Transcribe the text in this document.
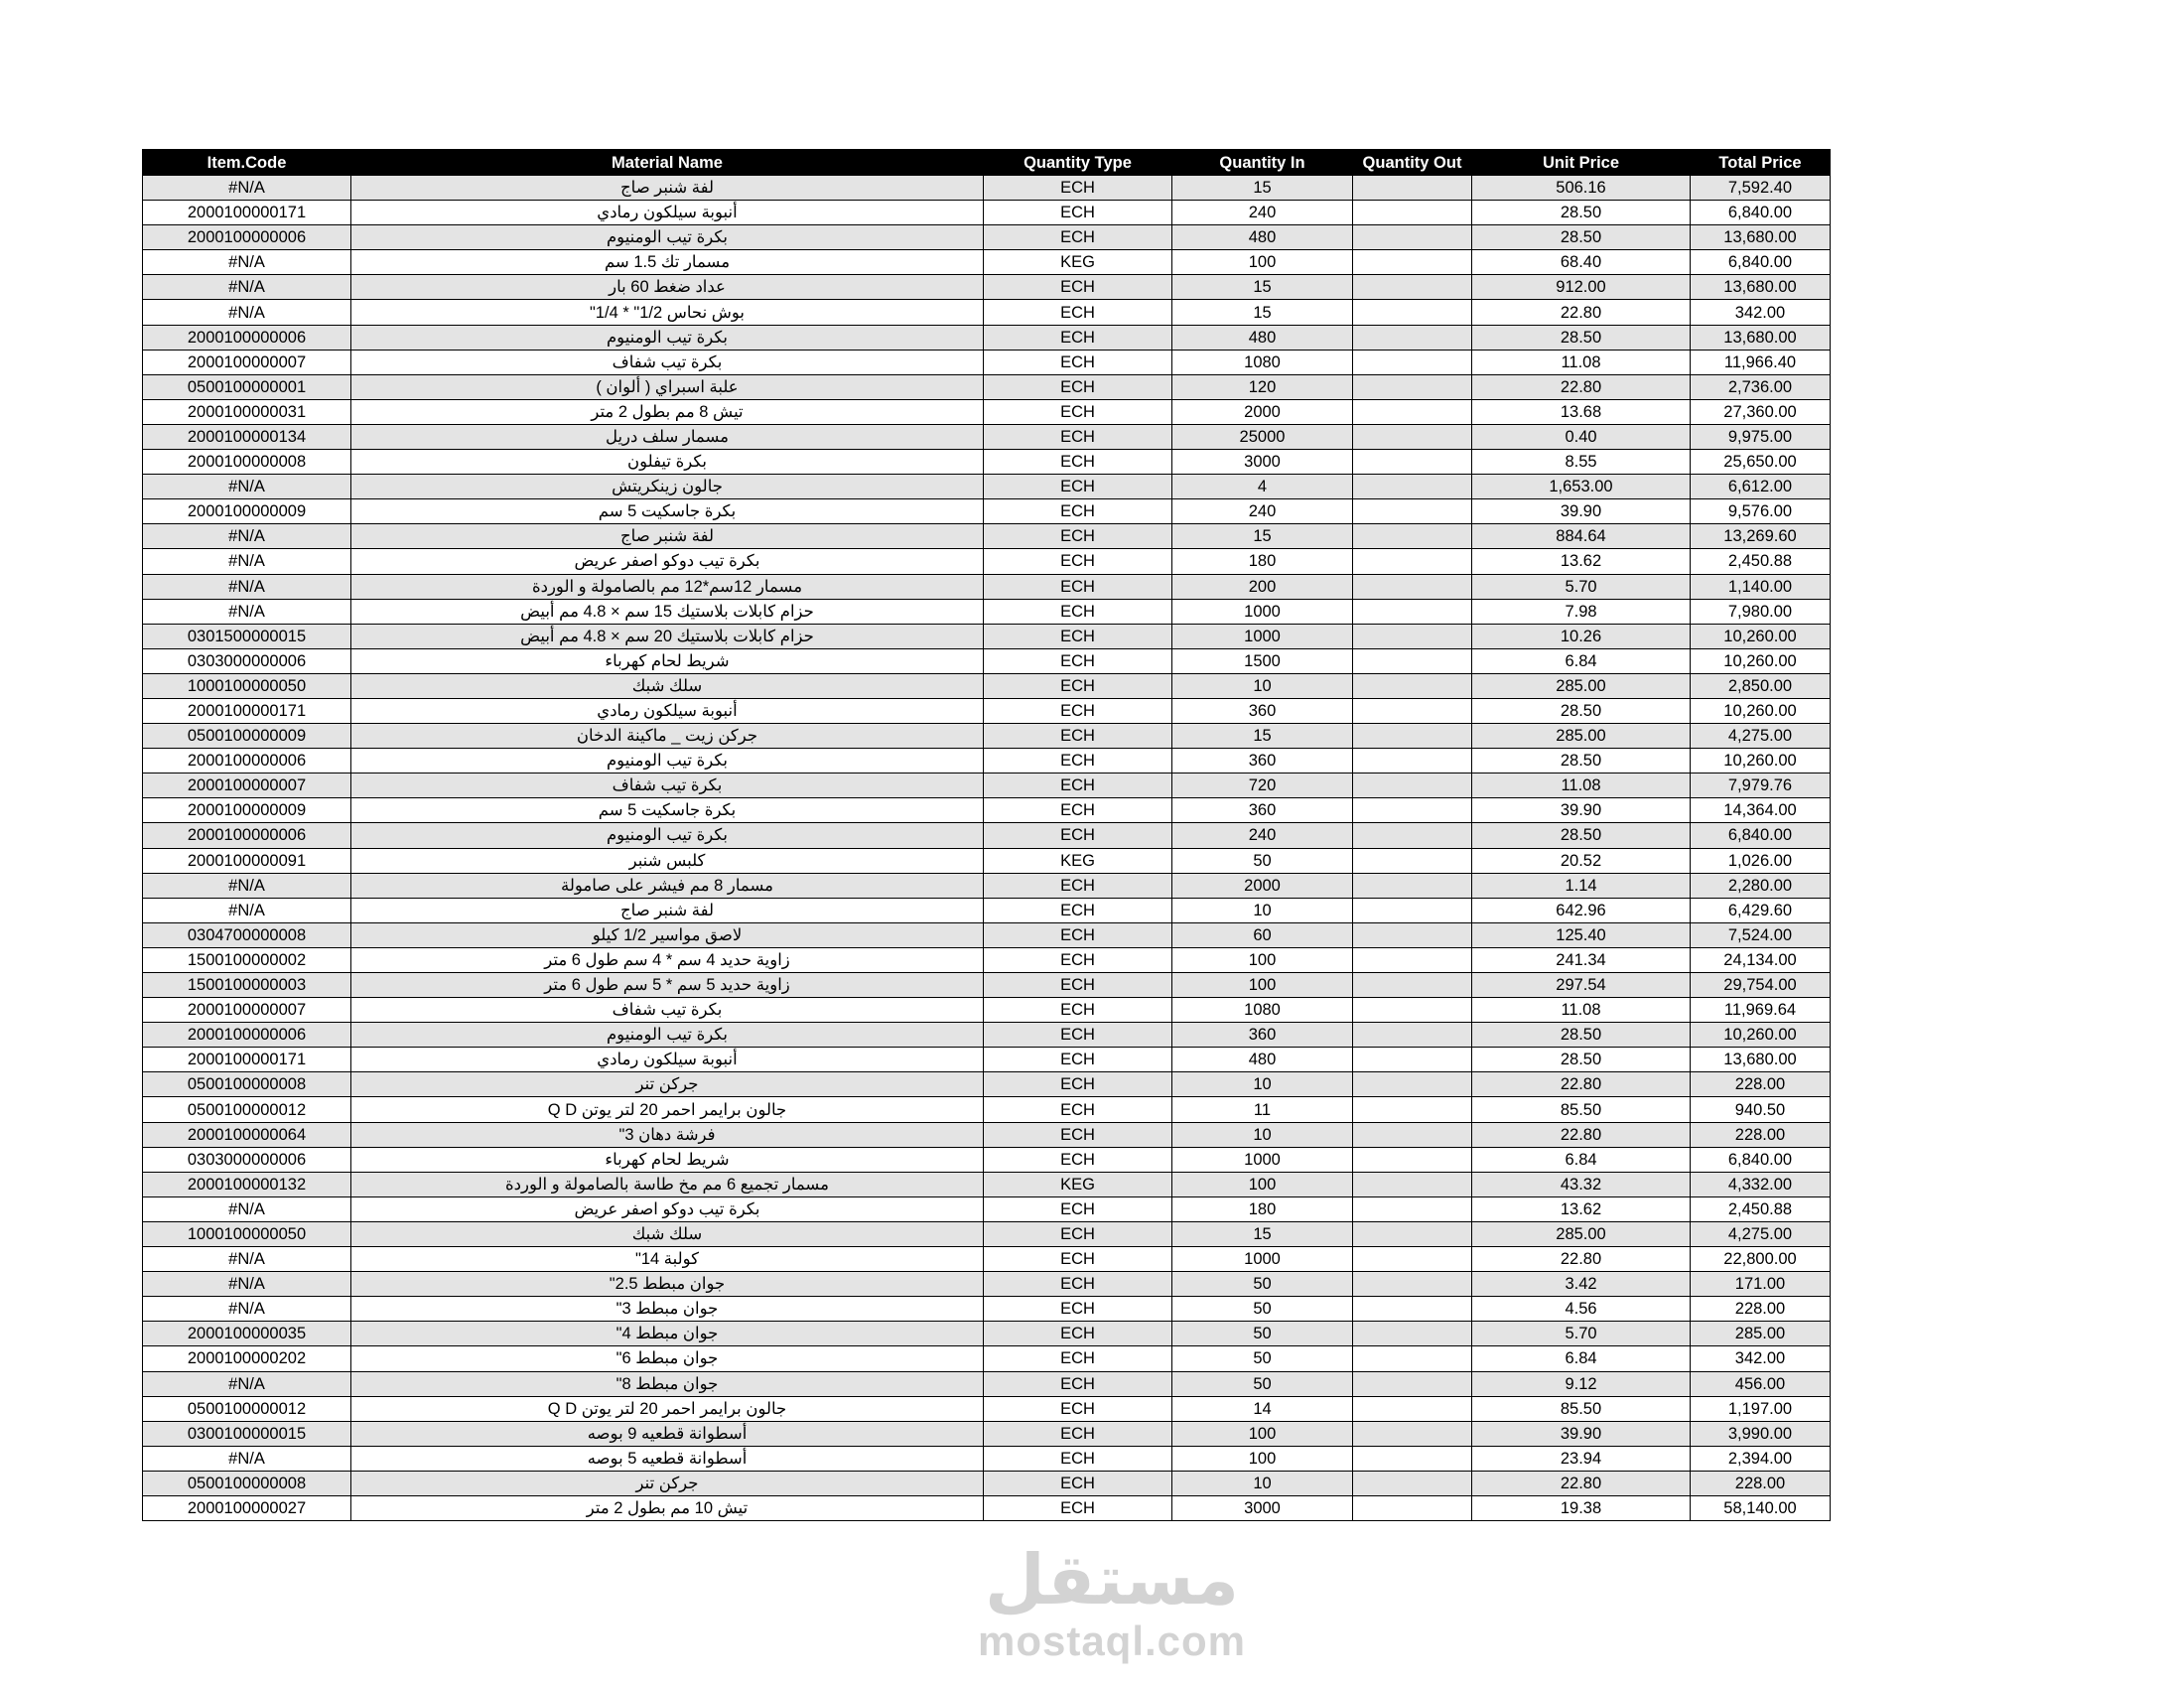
Item.Code	Material Name	Quantity Type	Quantity In	Quantity Out	Unit Price	Total Price
#N/A	لفة شنبر صاج	ECH	15		506.16	7,592.40
2000100000171	أنبوبة سيلكون رمادي	ECH	240		28.50	6,840.00
2000100000006	بكرة تيب الومنيوم	ECH	480		28.50	13,680.00
#N/A	مسمار تك 1.5 سم	KEG	100		68.40	6,840.00
#N/A	عداد ضغط 60 بار	ECH	15		912.00	13,680.00
#N/A	بوش نحاس 1/2" * 1/4"	ECH	15		22.80	342.00
2000100000006	بكرة تيب الومنيوم	ECH	480		28.50	13,680.00
2000100000007	بكرة تيب شفاف	ECH	1080		11.08	11,966.40
0500100000001	علبة اسبراي ( ألوان )	ECH	120		22.80	2,736.00
2000100000031	تيش 8 مم بطول 2 متر	ECH	2000		13.68	27,360.00
2000100000134	مسمار سلف دريل	ECH	25000		0.40	9,975.00
2000100000008	بكرة تيفلون	ECH	3000		8.55	25,650.00
#N/A	جالون زينكريتش	ECH	4		1,653.00	6,612.00
2000100000009	بكرة جاسكيت 5 سم	ECH	240		39.90	9,576.00
#N/A	لفة شنبر صاج	ECH	15		884.64	13,269.60
#N/A	بكرة تيب دوكو اصفر عريض	ECH	180		13.62	2,450.88
#N/A	مسمار 12سم*12 مم بالصامولة و الوردة	ECH	200		5.70	1,140.00
#N/A	حزام كابلات بلاستيك 15 سم × 4.8 مم أبيض	ECH	1000		7.98	7,980.00
0301500000015	حزام كابلات بلاستيك 20 سم × 4.8 مم أبيض	ECH	1000		10.26	10,260.00
0303000000006	شريط لحام كهرباء	ECH	1500		6.84	10,260.00
1000100000050	سلك شبك	ECH	10		285.00	2,850.00
2000100000171	أنبوبة سيلكون رمادي	ECH	360		28.50	10,260.00
0500100000009	جركن زيت _ ماكينة الدخان	ECH	15		285.00	4,275.00
2000100000006	بكرة تيب الومنيوم	ECH	360		28.50	10,260.00
2000100000007	بكرة تيب شفاف	ECH	720		11.08	7,979.76
2000100000009	بكرة جاسكيت 5 سم	ECH	360		39.90	14,364.00
2000100000006	بكرة تيب الومنيوم	ECH	240		28.50	6,840.00
2000100000091	كلبس شنبر	KEG	50		20.52	1,026.00
#N/A	مسمار 8 مم فيشر على صامولة	ECH	2000		1.14	2,280.00
#N/A	لفة شنبر صاج	ECH	10		642.96	6,429.60
0304700000008	لاصق مواسير 1/2 كيلو	ECH	60		125.40	7,524.00
1500100000002	زاوية حديد 4 سم * 4 سم طول 6 متر	ECH	100		241.34	24,134.00
1500100000003	زاوية حديد 5 سم * 5 سم طول 6 متر	ECH	100		297.54	29,754.00
2000100000007	بكرة تيب شفاف	ECH	1080		11.08	11,969.64
2000100000006	بكرة تيب الومنيوم	ECH	360		28.50	10,260.00
2000100000171	أنبوبة سيلكون رمادي	ECH	480		28.50	13,680.00
0500100000008	جركن تنر	ECH	10		22.80	228.00
0500100000012	جالون برايمر احمر 20 لتر يوتن Q D	ECH	11		85.50	940.50
2000100000064	فرشة دهان 3"	ECH	10		22.80	228.00
0303000000006	شريط لحام كهرباء	ECH	1000		6.84	6,840.00
2000100000132	مسمار تجميع 6 مم مخ طاسة بالصامولة و الوردة	KEG	100		43.32	4,332.00
#N/A	بكرة تيب دوكو اصفر عريض	ECH	180		13.62	2,450.88
1000100000050	سلك شبك	ECH	15		285.00	4,275.00
#N/A	كولبة 14"	ECH	1000		22.80	22,800.00
#N/A	جوان مبطط 2.5"	ECH	50		3.42	171.00
#N/A	جوان مبطط 3"	ECH	50		4.56	228.00
2000100000035	جوان مبطط 4"	ECH	50		5.70	285.00
2000100000202	جوان مبطط 6"	ECH	50		6.84	342.00
#N/A	جوان مبطط 8"	ECH	50		9.12	456.00
0500100000012	جالون برايمر احمر 20 لتر يوتن Q D	ECH	14		85.50	1,197.00
0300100000015	أسطوانة قطعيه 9 بوصه	ECH	100		39.90	3,990.00
#N/A	أسطوانة قطعيه 5 بوصه	ECH	100		23.94	2,394.00
0500100000008	جركن تنر	ECH	10		22.80	228.00
2000100000027	تيش 10 مم بطول 2 متر	ECH	3000		19.38	58,140.00
مستقل
mostaql.com
